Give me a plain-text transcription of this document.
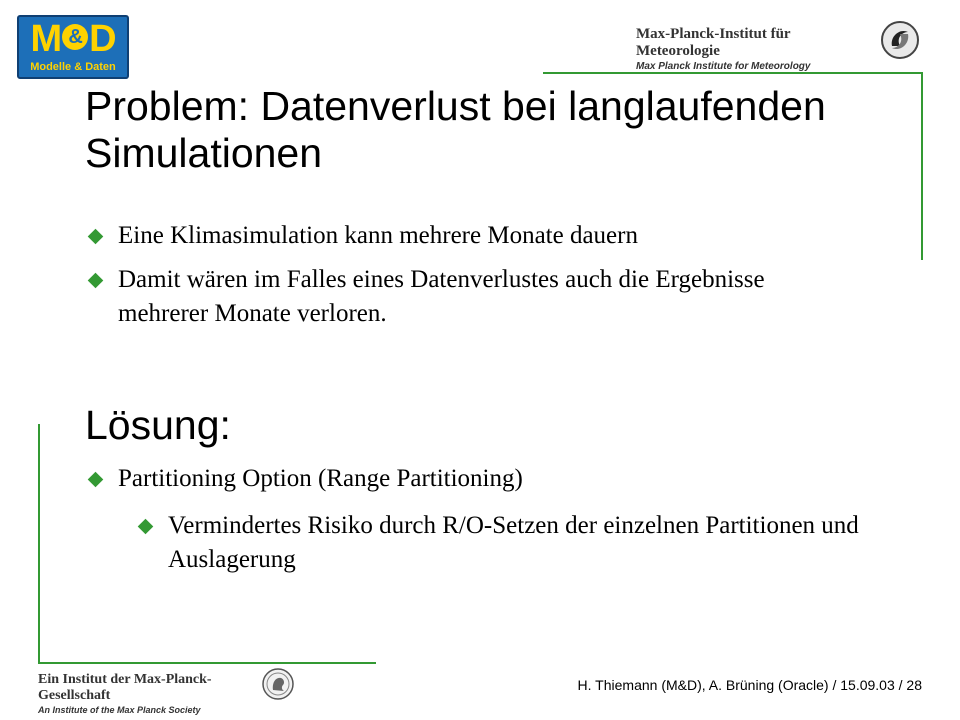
M & D
Modelle & Daten
Max-Planck-Institut für Meteorologie
Max Planck Institute for Meteorology
Problem: Datenverlust bei langlaufenden Simulationen
Eine Klimasimulation kann mehrere Monate dauern
Damit wären im Falles eines Datenverlustes auch die Ergebnisse mehrerer Monate verloren.
Lösung:
Partitioning Option (Range Partitioning)
Vermindertes Risiko durch R/O-Setzen der einzelnen Partitionen und Auslagerung
Ein Institut der Max-Planck-Gesellschaft
An Institute of the Max Planck Society
H. Thiemann (M&D), A. Brüning (Oracle) / 15.09.03 / 28
